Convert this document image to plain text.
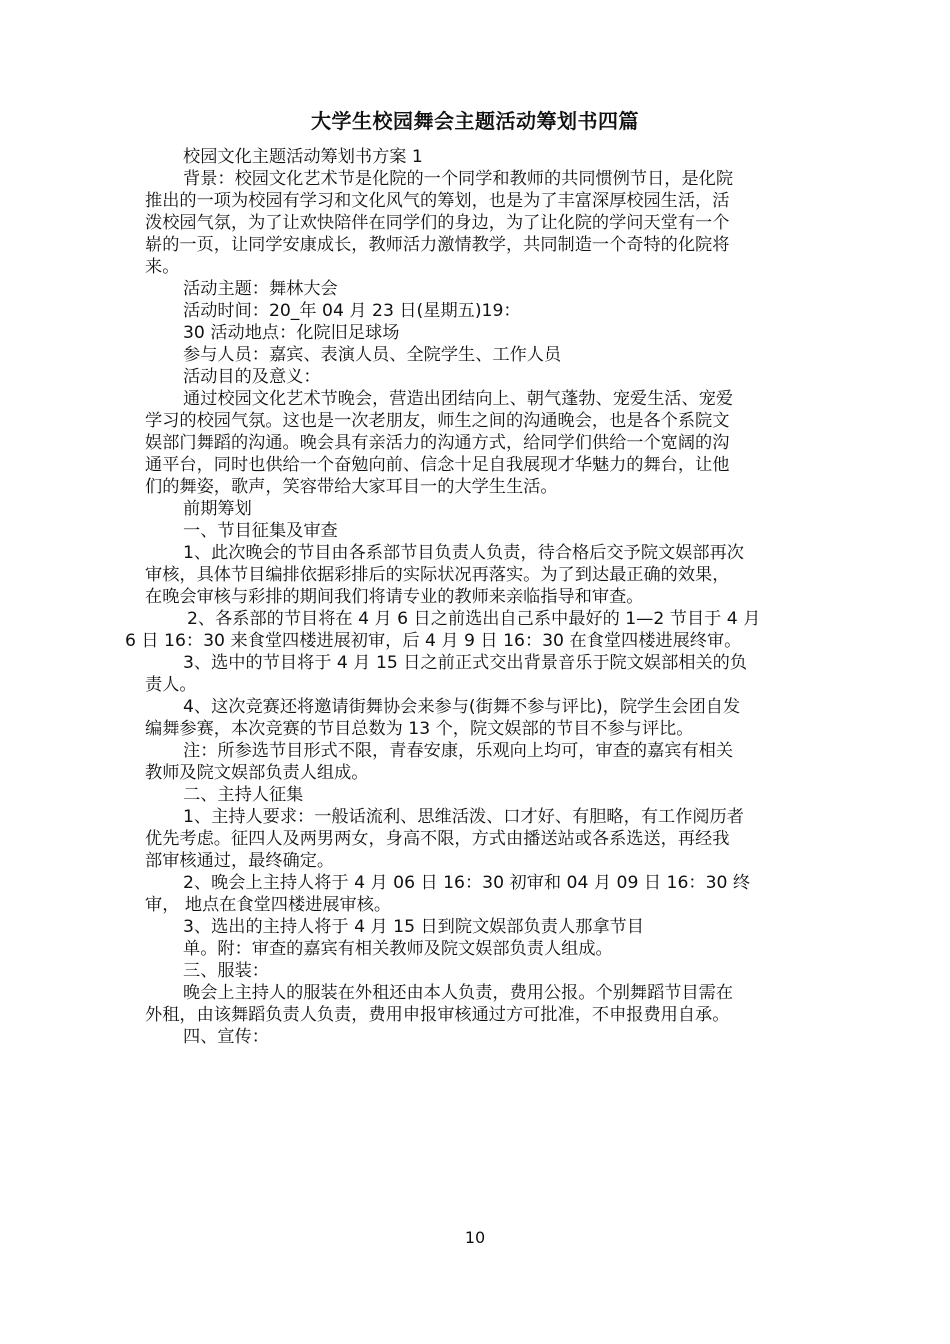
大学生校园舞会主题活动筹划书四篇
校园文化主题活动筹划书方案 1
背景：校园文化艺术节是化院的一个同学和教师的共同惯例节日，是化院
推出的一项为校园有学习和文化风气的筹划，也是为了丰富深厚校园生活，活
泼校园气氛，为了让欢快陪伴在同学们的身边，为了让化院的学问天堂有一个
崭的一页，让同学安康成长，教师活力激情教学，共同制造一个奇特的化院将
来。
活动主题：舞林大会
活动时间：20_年 04 月 23 日(星期五)19：
30 活动地点：化院旧足球场
参与人员：嘉宾、表演人员、全院学生、工作人员
活动目的及意义：
通过校园文化艺术节晚会，营造出团结向上、朝气蓬勃、宠爱生活、宠爱
学习的校园气氛。这也是一次老朋友，师生之间的沟通晚会，也是各个系院文
娱部门舞蹈的沟通。晚会具有亲活力的沟通方式，给同学们供给一个宽阔的沟
通平台，同时也供给一个奋勉向前、信念十足自我展现才华魅力的舞台，让他
们的舞姿，歌声，笑容带给大家耳目一的大学生生活。
前期筹划
一、节目征集及审查
1、此次晚会的节目由各系部节目负责人负责，待合格后交予院文娱部再次
审核，具体节目编排依据彩排后的实际状况再落实。为了到达最正确的效果，
在晚会审核与彩排的期间我们将请专业的教师来亲临指导和审查。
2、各系部的节目将在 4 月 6 日之前选出自己系中最好的 1—2 节目于 4 月
6 日 16：30 来食堂四楼进展初审，后 4 月 9 日 16：30 在食堂四楼进展终审。
3、选中的节目将于 4 月 15 日之前正式交出背景音乐于院文娱部相关的负
责人。
4、这次竞赛还将邀请街舞协会来参与(街舞不参与评比)，院学生会团自发
编舞参赛，本次竞赛的节目总数为 13 个，院文娱部的节目不参与评比。
注：所参选节目形式不限，青春安康，乐观向上均可，审查的嘉宾有相关
教师及院文娱部负责人组成。
二、主持人征集
1、主持人要求：一般话流利、思维活泼、口才好、有胆略，有工作阅历者
优先考虑。征四人及两男两女，身高不限，方式由播送站或各系选送，再经我
部审核通过，最终确定。
2、晚会上主持人将于 4 月 06 日 16：30 初审和 04 月 09 日 16：30 终
审， 地点在食堂四楼进展审核。
3、选出的主持人将于 4 月 15 日到院文娱部负责人那拿节目
单。附：审查的嘉宾有相关教师及院文娱部负责人组成。
三、服装：
晚会上主持人的服装在外租还由本人负责，费用公报。个别舞蹈节目需在
外租，由该舞蹈负责人负责，费用申报审核通过方可批准，不申报费用自承。
四、宣传：
10
